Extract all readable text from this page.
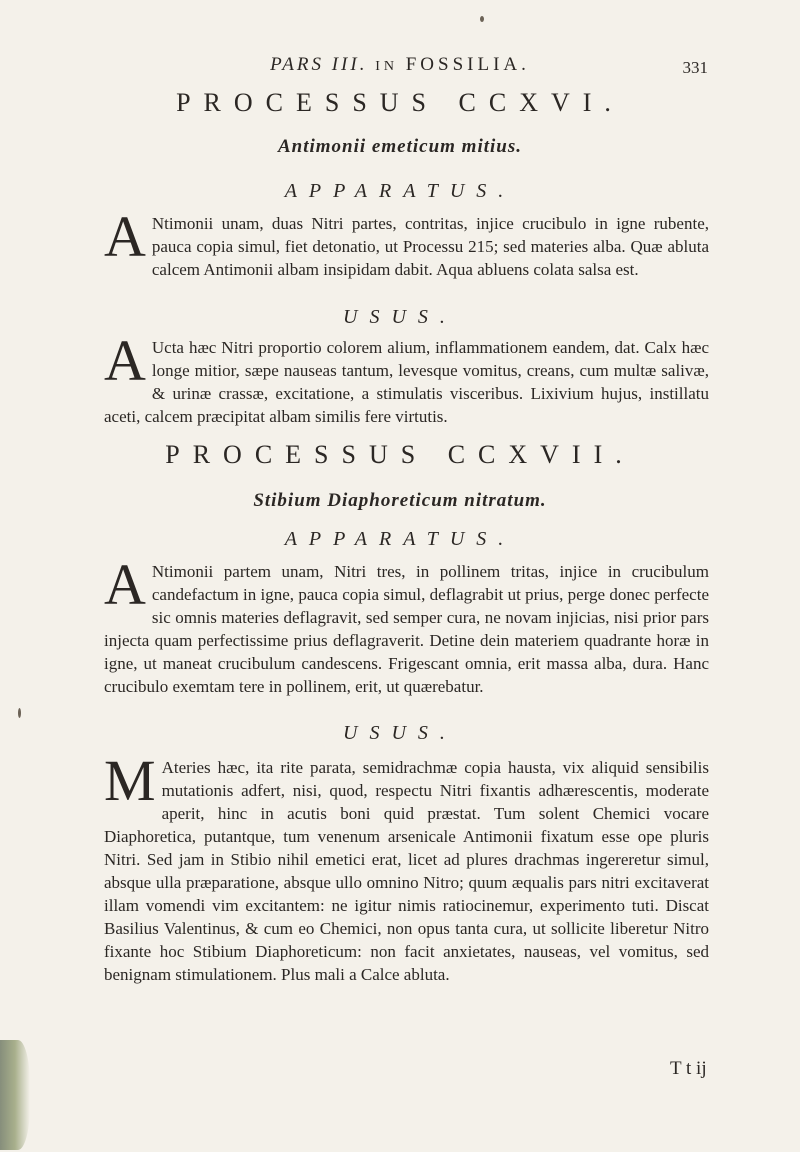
PARS III. IN FOSSILIA.	331
PROCESSUS CCXVI.
Antimonii emeticum mitius.
APPARATUS.
A Ntimonii unam, duas Nitri partes, contritas, injice crucibulo in igne rubente, pauca copia simul, fiet detonatio, ut Processu 215; sed materies alba. Quæ abluta calcem Antimonii albam insipidam dabit. Aqua abluens colata salsa est.
USUS.
A Ucta hæc Nitri proportio colorem alium, inflammationem eandem, dat. Calx hæc longe mitior, sæpe nauseas tantum, levesque vomitus, creans, cum multæ salivæ, & urinæ crassæ, excitatione, a stimulatis visceribus. Lixivium hujus, instillatu aceti, calcem præcipitat albam similis fere virtutis.
PROCESSUS CCXVII.
Stibium Diaphoreticum nitratum.
APPARATUS.
A Ntimonii partem unam, Nitri tres, in pollinem tritas, injice in crucibulum candefactum in igne, pauca copia simul, deflagrabit ut prius, perge donec perfecte sic omnis materies deflagravit, sed semper cura, ne novam injicias, nisi prior pars injecta quam perfectissime prius deflagraverit. Detine dein materiem quadrante horæ in igne, ut maneat crucibulum candescens. Frigescant omnia, erit massa alba, dura. Hanc crucibulo exemtam tere in pollinem, erit, ut quærebatur.
USUS.
M Ateries hæc, ita rite parata, semidrachmæ copia hausta, vix aliquid sensibilis mutationis adfert, nisi, quod, respectu Nitri fixantis adhærescentis, moderate aperit, hinc in acutis boni quid præstat. Tum solent Chemici vocare Diaphoretica, putantque, tum venenum arsenicale Antimonii fixatum esse ope pluris Nitri. Sed jam in Stibio nihil emetici erat, licet ad plures drachmas ingereretur simul, absque ulla præparatione, absque ullo omnino Nitro; quum æqualis pars nitri excitaverat illam vomendi vim excitantem: ne igitur nimis ratiocinemur, experimento tuti. Discat Basilius Valentinus, & cum eo Chemici, non opus tanta cura, ut sollicite liberetur Nitro fixante hoc Stibium Diaphoreticum: non facit anxietates, nauseas, vel vomitus, sed benignam stimulationem. Plus mali a Calce abluta.
T t ij
